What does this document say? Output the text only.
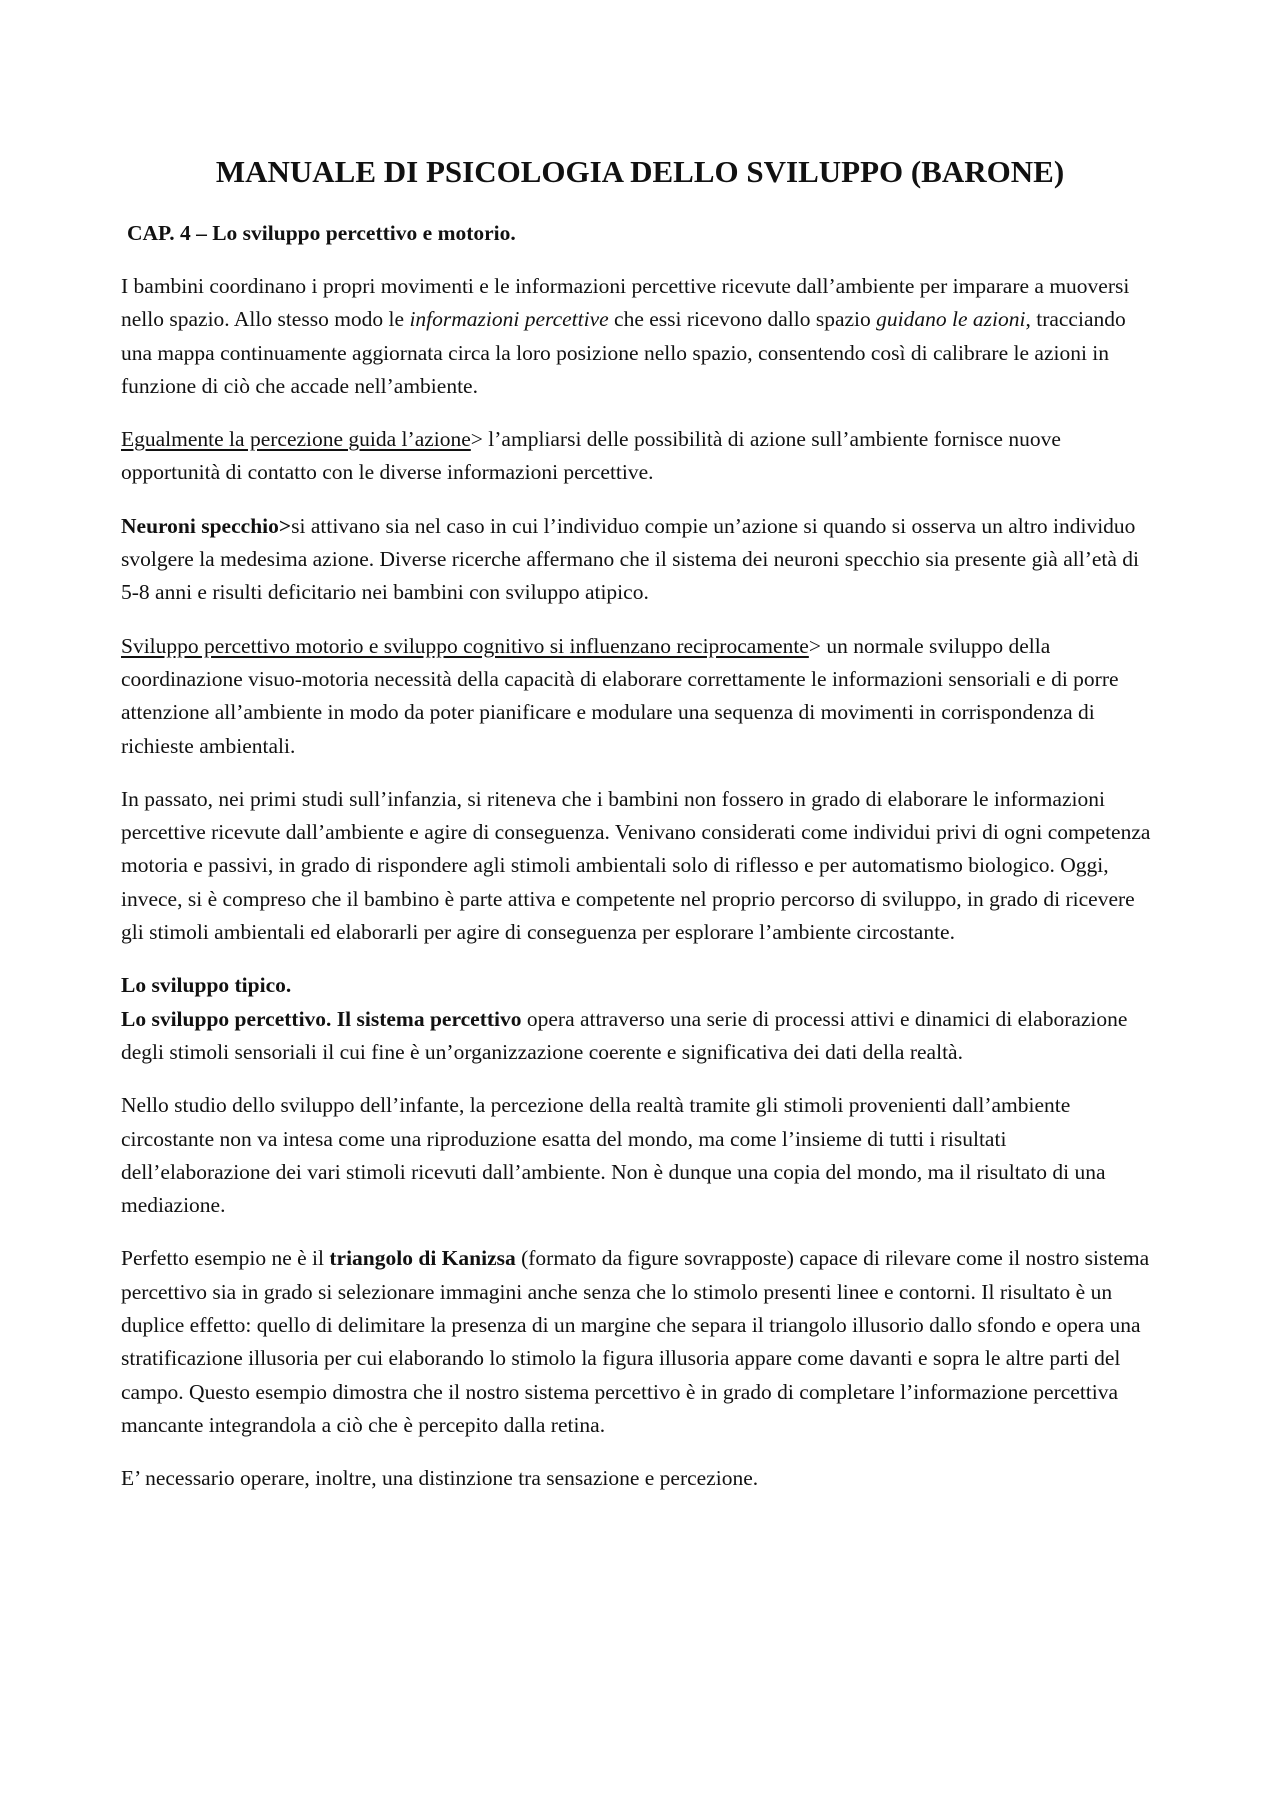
MANUALE DI PSICOLOGIA DELLO SVILUPPO (BARONE)
CAP. 4 – Lo sviluppo percettivo e motorio.

I bambini coordinano i propri movimenti e le informazioni percettive ricevute dall’ambiente per imparare a muoversi nello spazio. Allo stesso modo le informazioni percettive che essi ricevono dallo spazio guidano le azioni, tracciando una mappa continuamente aggiornata circa la loro posizione nello spazio, consentendo così di calibrare le azioni in funzione di ciò che accade nell’ambiente.

Egualmente la percezione guida l’azione> l’ampliarsi delle possibilità di azione sull’ambiente fornisce nuove opportunità di contatto con le diverse informazioni percettive.

Neuroni specchio>si attivano sia nel caso in cui l’individuo compie un’azione si quando si osserva un altro individuo svolgere la medesima azione. Diverse ricerche affermano che il sistema dei neuroni specchio sia presente già all’età di 5-8 anni e risulti deficitario nei bambini con sviluppo atipico.

Sviluppo percettivo motorio e sviluppo cognitivo si influenzano reciprocamente> un normale sviluppo della coordinazione visuo-motoria necessità della capacità di elaborare correttamente le informazioni sensoriali e di porre attenzione all’ambiente in modo da poter pianificare e modulare una sequenza di movimenti in corrispondenza di richieste ambientali.

In passato, nei primi studi sull’infanzia, si riteneva che i bambini non fossero in grado di elaborare le informazioni percettive ricevute dall’ambiente e agire di conseguenza. Venivano considerati come individui privi di ogni competenza motoria e passivi, in grado di rispondere agli stimoli ambientali solo di riflesso e per automatismo biologico. Oggi, invece, si è compreso che il bambino è parte attiva e competente nel proprio percorso di sviluppo, in grado di ricevere gli stimoli ambientali ed elaborarli per agire di conseguenza per esplorare l’ambiente circostante.

Lo sviluppo tipico.

Lo sviluppo percettivo. Il sistema percettivo opera attraverso una serie di processi attivi e dinamici di elaborazione degli stimoli sensoriali il cui fine è un’organizzazione coerente e significativa dei dati della realtà.

Nello studio dello sviluppo dell’infante, la percezione della realtà tramite gli stimoli provenienti dall’ambiente circostante non va intesa come una riproduzione esatta del mondo, ma come l’insieme di tutti i risultati dell’elaborazione dei vari stimoli ricevuti dall’ambiente. Non è dunque una copia del mondo, ma il risultato di una mediazione.

Perfetto esempio ne è il triangolo di Kanizsa (formato da figure sovrapposte) capace di rilevare come il nostro sistema percettivo sia in grado si selezionare immagini anche senza che lo stimolo presenti linee e contorni. Il risultato è un duplice effetto: quello di delimitare la presenza di un margine che separa il triangolo illusorio dallo sfondo e opera una stratificazione illusoria per cui elaborando lo stimolo la figura illusoria appare come davanti e sopra le altre parti del campo. Questo esempio dimostra che il nostro sistema percettivo è in grado di completare l’informazione percettiva mancante integrandola a ciò che è percepito dalla retina.

E’ necessario operare, inoltre, una distinzione tra sensazione e percezione.
